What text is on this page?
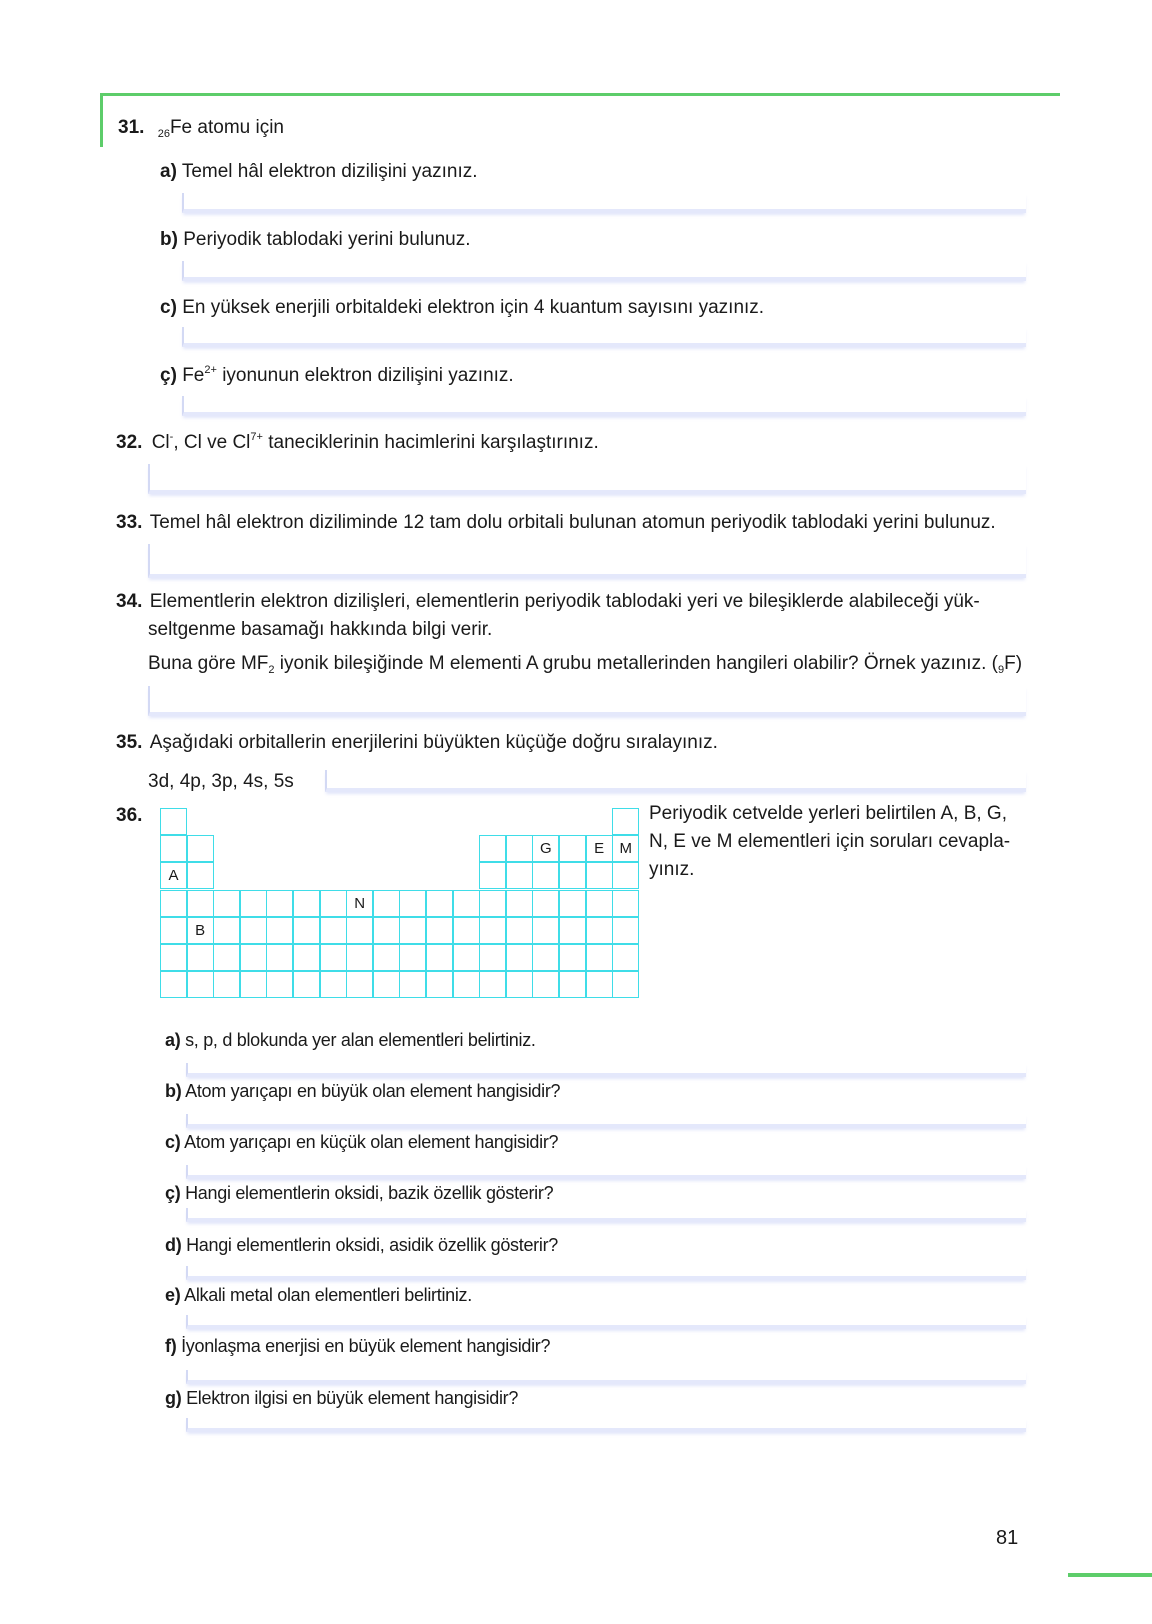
31. $_{26}$Fe atomu için
a) Temel hâl elektron dizilişini yazınız.
b) Periyodik tablodaki yerini bulunuz.
c) En yüksek enerjili orbitaldeki elektron için 4 kuantum sayısını yazınız.
ç) $Fe^{2+}$ iyonunun elektron dizilişini yazınız.
32. Cl-, Cl ve $Cl^{7+}$ taneciklerinin hacimlerini karşılaştırınız.
33. Temel hâl elektron diziliminde 12 tam dolu orbitali bulunan atomun periyodik tablodaki yerini bulunuz.
34. Elementlerin elektron dizilişleri, elementlerin periyodik tablodaki yeri ve bileşiklerde alabileceği yük-
seltgenme basamağı hakkında bilgi verir.
Buna göre $MF_2$ iyonik bileşiğinde M elementi A grubu metallerinden hangileri olabilir? Örnek yazınız. $(_9F)$
35. Aşağıdaki orbitallerin enerjilerini büyükten küçüğe doğru sıralayınız.
3d, 4p, 3p, 4s, 5s
36.
G	E	M
A
N
B
Periyodik cetvelde yerleri belirtilen A, B, G,
N, E ve M elementleri için soruları cevapla-
yınız.
a) s, p, d blokunda yer alan elementleri belirtiniz.
b) Atom yarıçapı en büyük olan element hangisidir?
c) Atom yarıçapı en küçük olan element hangisidir?
ç) Hangi elementlerin oksidi, bazik özellik gösterir?
d) Hangi elementlerin oksidi, asidik özellik gösterir?
e) Alkali metal olan elementleri belirtiniz.
f) İyonlaşma enerjisi en büyük element hangisidir?
g) Elektron ilgisi en büyük element hangisidir?
81
